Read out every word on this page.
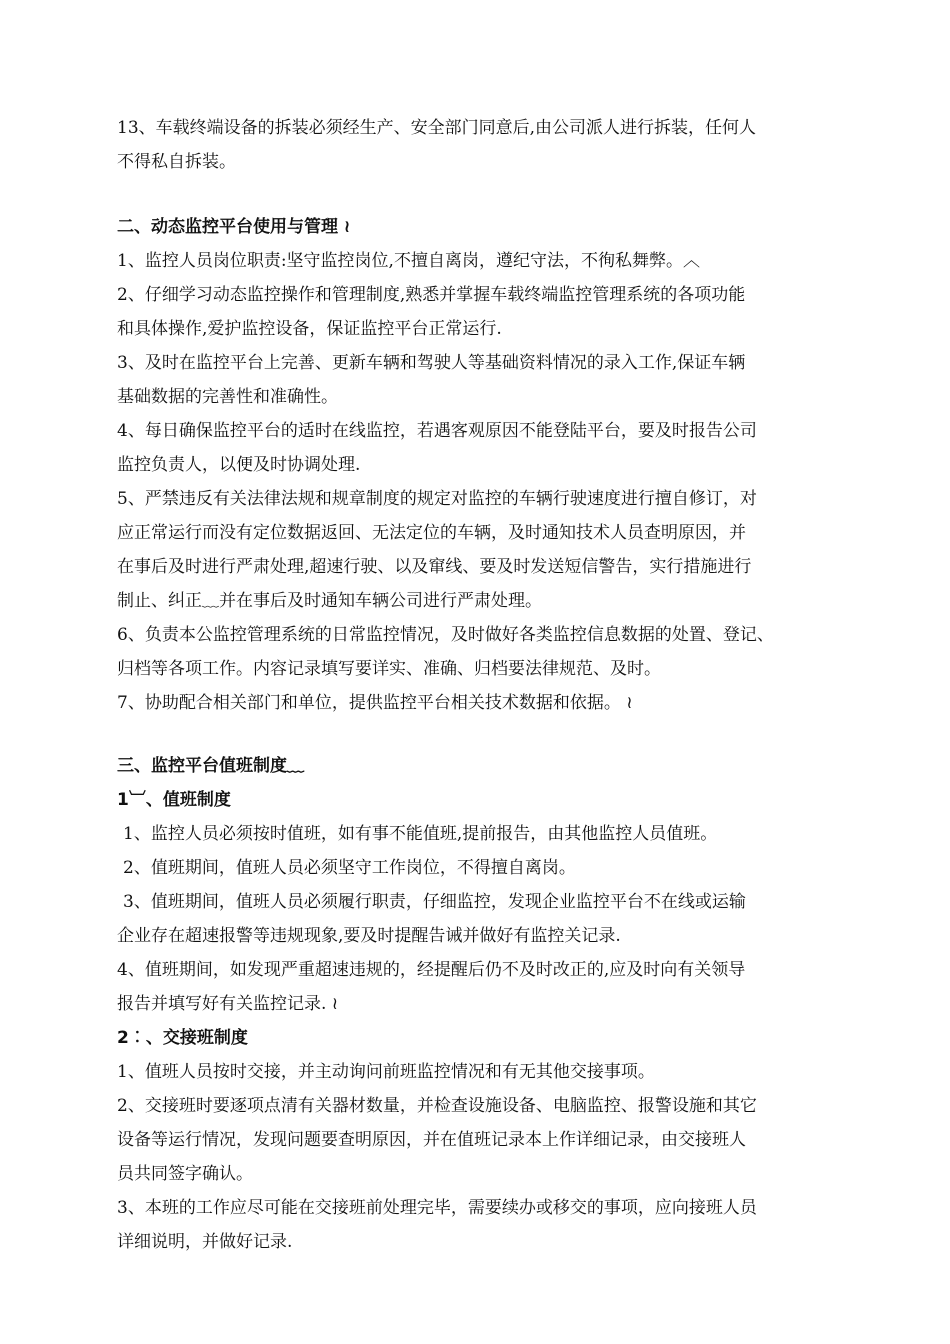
13、车载终端设备的拆装必须经生产、安全部门同意后,由公司派人进行拆装，任何人
不得私自拆装。
二、动态监控平台使用与管理 ≀
1、监控人员岗位职责:坚守监控岗位,不擅自离岗，遵纪守法，不徇私舞弊。︿
2、仔细学习动态监控操作和管理制度,熟悉并掌握车载终端监控管理系统的各项功能
和具体操作,爱护监控设备，保证监控平台正常运行.
3、及时在监控平台上完善、更新车辆和驾驶人等基础资料情况的录入工作,保证车辆
基础数据的完善性和准确性。
4、每日确保监控平台的适时在线监控，若遇客观原因不能登陆平台，要及时报告公司
监控负责人，以便及时协调处理.
5、严禁违反有关法律法规和规章制度的规定对监控的车辆行驶速度进行擅自修订，对
应正常运行而没有定位数据返回、无法定位的车辆，及时通知技术人员查明原因，并
在事后及时进行严肃处理,超速行驶、以及窜线、要及时发送短信警告，实行措施进行
制止、纠正﹏并在事后及时通知车辆公司进行严肃处理。
6、负责本公监控管理系统的日常监控情况，及时做好各类监控信息数据的处置、登记、
归档等各项工作。内容记录填写要详实、准确、归档要法律规范、及时。
7、协助配合相关部门和单位，提供监控平台相关技术数据和依据。 ≀
三、监控平台值班制度﹏
1︺、值班制度
1、监控人员必须按时值班，如有事不能值班,提前报告，由其他监控人员值班。
2、值班期间，值班人员必须坚守工作岗位，不得擅自离岗。
3、值班期间，值班人员必须履行职责，仔细监控，发现企业监控平台不在线或运输
企业存在超速报警等违规现象,要及时提醒告诫并做好有监控关记录.
4、值班期间，如发现严重超速违规的，经提醒后仍不及时改正的,应及时向有关领导
报告并填写好有关监控记录. ≀
2︰、交接班制度
1、值班人员按时交接，并主动询问前班监控情况和有无其他交接事项。
2、交接班时要逐项点清有关器材数量，并检查设施设备、电脑监控、报警设施和其它
设备等运行情况，发现问题要查明原因，并在值班记录本上作详细记录，由交接班人
员共同签字确认。
3、本班的工作应尽可能在交接班前处理完毕，需要续办或移交的事项，应向接班人员
详细说明，并做好记录.
